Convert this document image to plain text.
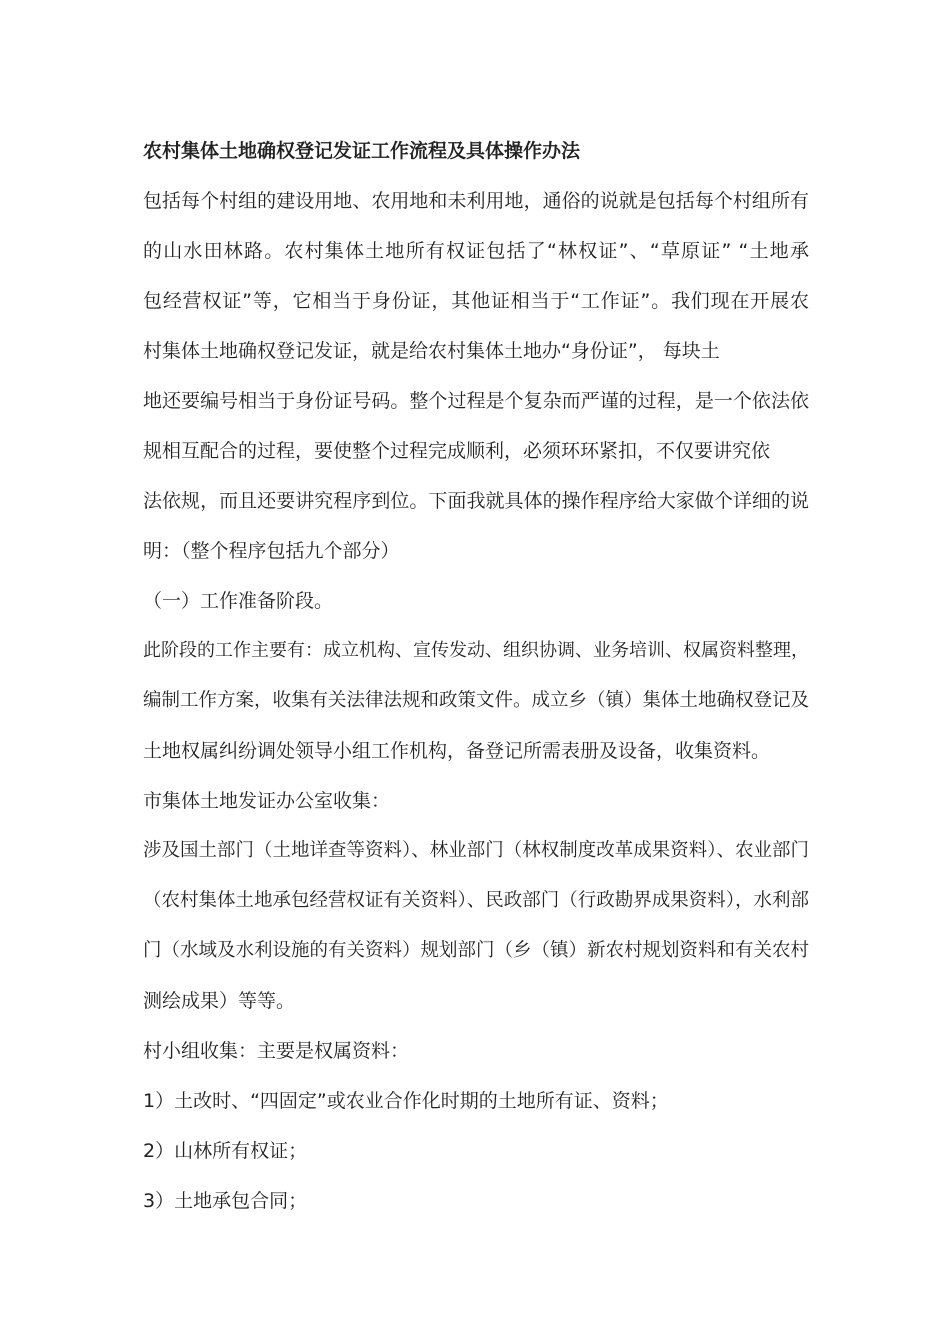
农村集体土地确权登记发证工作流程及具体操作办法
包括每个村组的建设用地、农用地和未利用地，通俗的说就是包括每个村组所有
的山水田林路。农村集体土地所有权证包括了“林权证”、“草原证” “土地承
包经营权证”等，它相当于身份证，其他证相当于“工作证”。我们现在开展农
村集体土地确权登记发证，就是给农村集体土地办“身份证”， 每块土
地还要编号相当于身份证号码。整个过程是个复杂而严谨的过程，是一个依法依
规相互配合的过程，要使整个过程完成顺利，必须环环紧扣，不仅要讲究依
法依规，而且还要讲究程序到位。下面我就具体的操作程序给大家做个详细的说
明：（整个程序包括九个部分）
（一）工作准备阶段。
此阶段的工作主要有：成立机构、宣传发动、组织协调、业务培训、权属资料整理，
编制工作方案，收集有关法律法规和政策文件。成立乡（镇）集体土地确权登记及
土地权属纠纷调处领导小组工作机构，备登记所需表册及设备，收集资料。
市集体土地发证办公室收集：
涉及国土部门（土地详查等资料）、林业部门（林权制度改革成果资料）、农业部门
（农村集体土地承包经营权证有关资料）、民政部门（行政勘界成果资料），水利部
门（水域及水利设施的有关资料）规划部门（乡（镇）新农村规划资料和有关农村
测绘成果）等等。
村小组收集：主要是权属资料：
1）土改时、“四固定”或农业合作化时期的土地所有证、资料；
2）山林所有权证；
3）土地承包合同；
